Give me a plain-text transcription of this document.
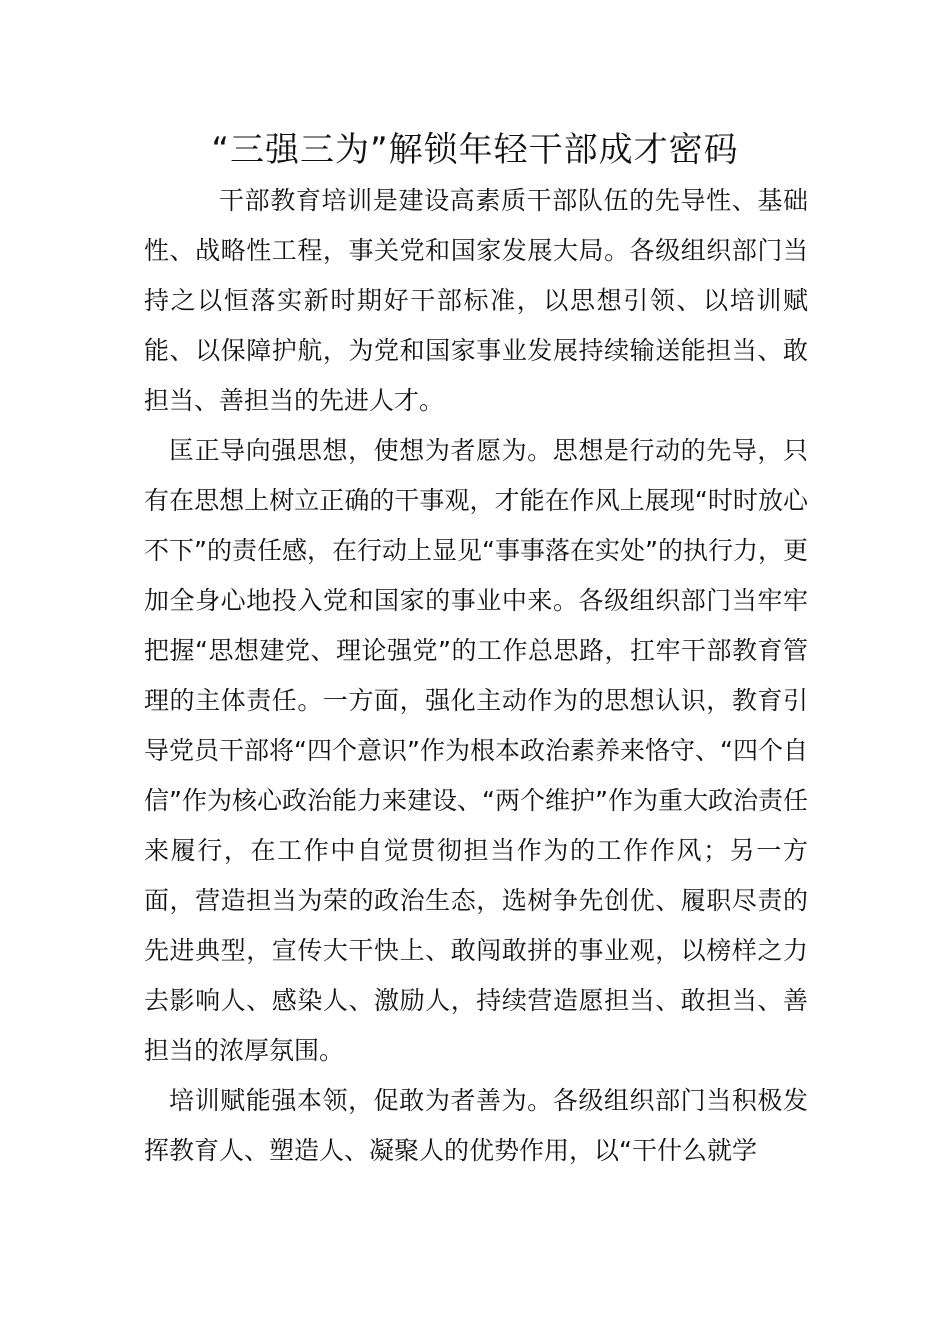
“三强三为”解锁年轻干部成才密码

干部教育培训是建设高素质干部队伍的先导性、基础性、战略性工程，事关党和国家发展大局。各级组织部门当持之以恒落实新时期好干部标准，以思想引领、以培训赋能、以保障护航，为党和国家事业发展持续输送能担当、敢担当、善担当的先进人才。

匡正导向强思想，使想为者愿为。思想是行动的先导，只有在思想上树立正确的干事观，才能在作风上展现“时时放心不下”的责任感，在行动上显见“事事落在实处”的执行力，更加全身心地投入党和国家的事业中来。各级组织部门当牢牢把握“思想建党、理论强党”的工作总思路，扛牢干部教育管理的主体责任。一方面，强化主动作为的思想认识，教育引导党员干部将“四个意识”作为根本政治素养来恪守、“四个自信”作为核心政治能力来建设、“两个维护”作为重大政治责任来履行，在工作中自觉贯彻担当作为的工作作风；另一方面，营造担当为荣的政治生态，选树争先创优、履职尽责的先进典型，宣传大干快上、敢闯敢拼的事业观，以榜样之力去影响人、感染人、激励人，持续营造愿担当、敢担当、善担当的浓厚氛围。

培训赋能强本领，促敢为者善为。各级组织部门当积极发挥教育人、塑造人、凝聚人的优势作用，以“干什么就学
